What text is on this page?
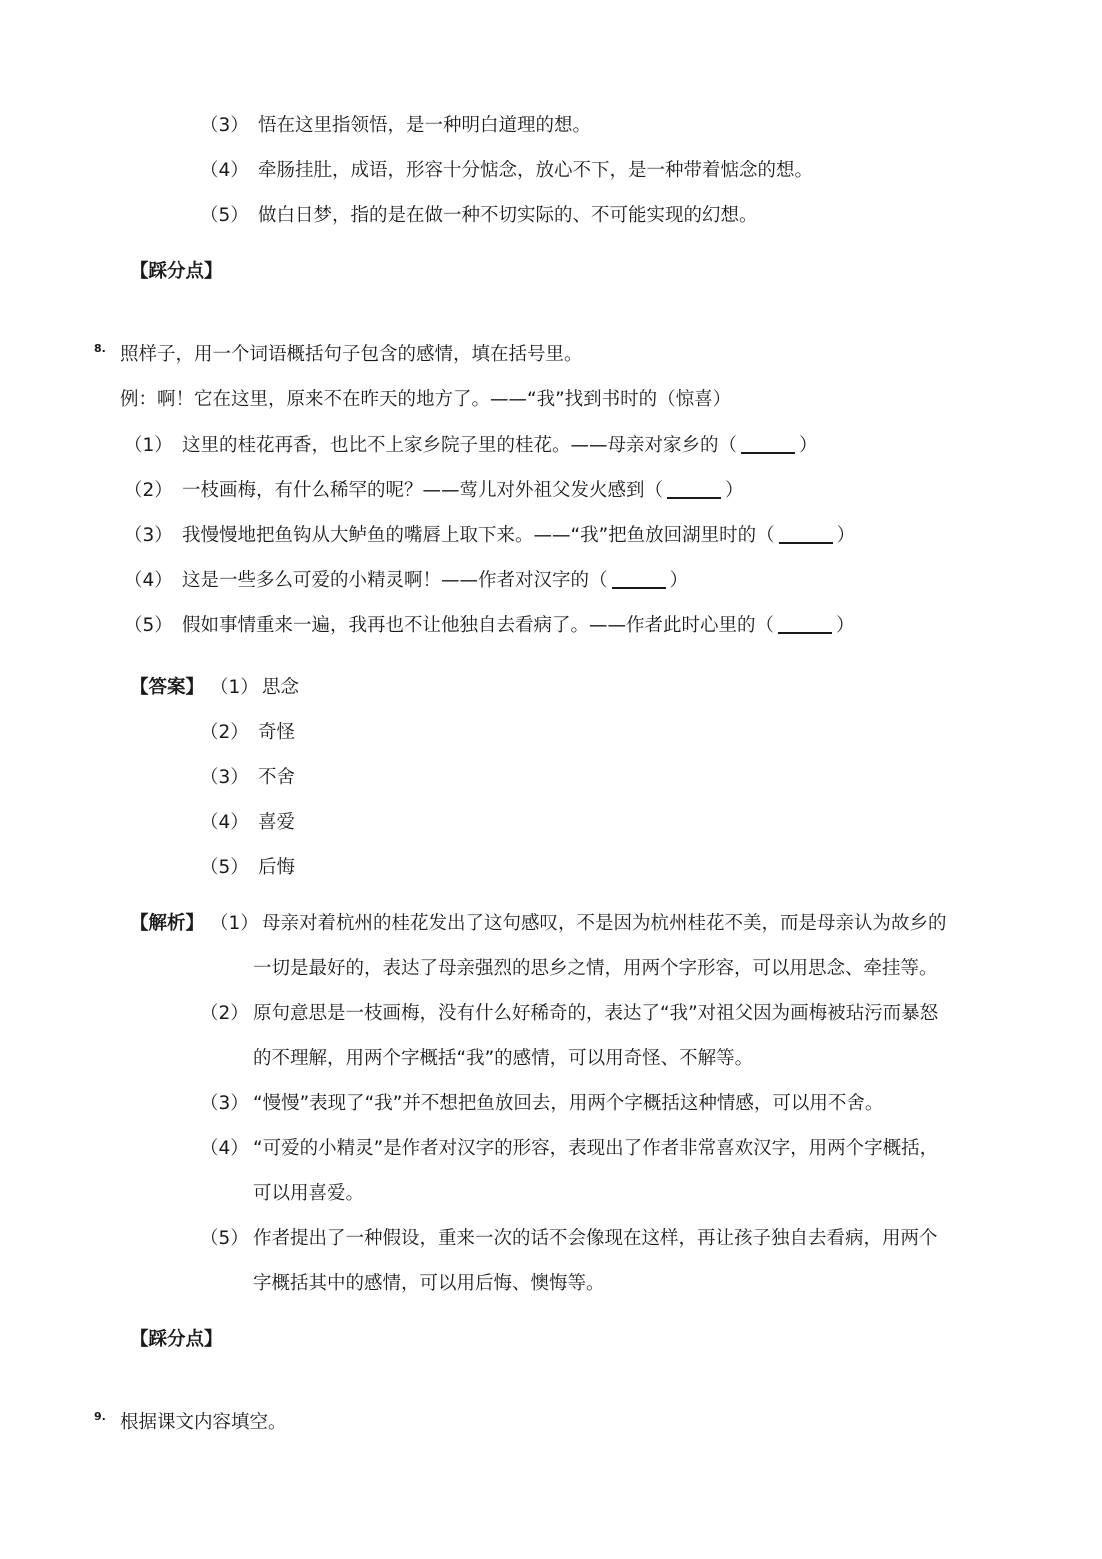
（3） 悟在这里指领悟，是一种明白道理的想。
（4） 牵肠挂肚，成语，形容十分惦念，放心不下，是一种带着惦念的想。
（5） 做白日梦，指的是在做一种不切实际的、不可能实现的幻想。
【踩分点】
8. 照样子，用一个词语概括句子包含的感情，填在括号里。
例：啊！它在这里，原来不在昨天的地方了。——“我”找到书时的（惊喜）
（1） 这里的桂花再香，也比不上家乡院子里的桂花。——母亲对家乡的（	）
（2） 一枝画梅，有什么稀罕的呢？——莺儿对外祖父发火感到（	）
（3） 我慢慢地把鱼钩从大鲈鱼的嘴唇上取下来。——“我”把鱼放回湖里时的（	）
（4） 这是一些多么可爱的小精灵啊！——作者对汉字的（	）
（5） 假如事情重来一遍，我再也不让他独自去看病了。——作者此时心里的（	）
【答案】 （1） 思念
（2） 奇怪
（3） 不舍
（4） 喜爱
（5） 后悔
【解析】 （1） 母亲对着杭州的桂花发出了这句感叹，不是因为杭州桂花不美，而是母亲认为故乡的
一切是最好的，表达了母亲强烈的思乡之情，用两个字形容，可以用思念、牵挂等。
（2） 原句意思是一枝画梅，没有什么好稀奇的，表达了“我”对祖父因为画梅被玷污而暴怒
的不理解，用两个字概括“我”的感情，可以用奇怪、不解等。
（3） “慢慢”表现了“我”并不想把鱼放回去，用两个字概括这种情感，可以用不舍。
（4） “可爱的小精灵”是作者对汉字的形容，表现出了作者非常喜欢汉字，用两个字概括，
可以用喜爱。
（5） 作者提出了一种假设，重来一次的话不会像现在这样，再让孩子独自去看病，用两个
字概括其中的感情，可以用后悔、懊悔等。
【踩分点】
9. 根据课文内容填空。
